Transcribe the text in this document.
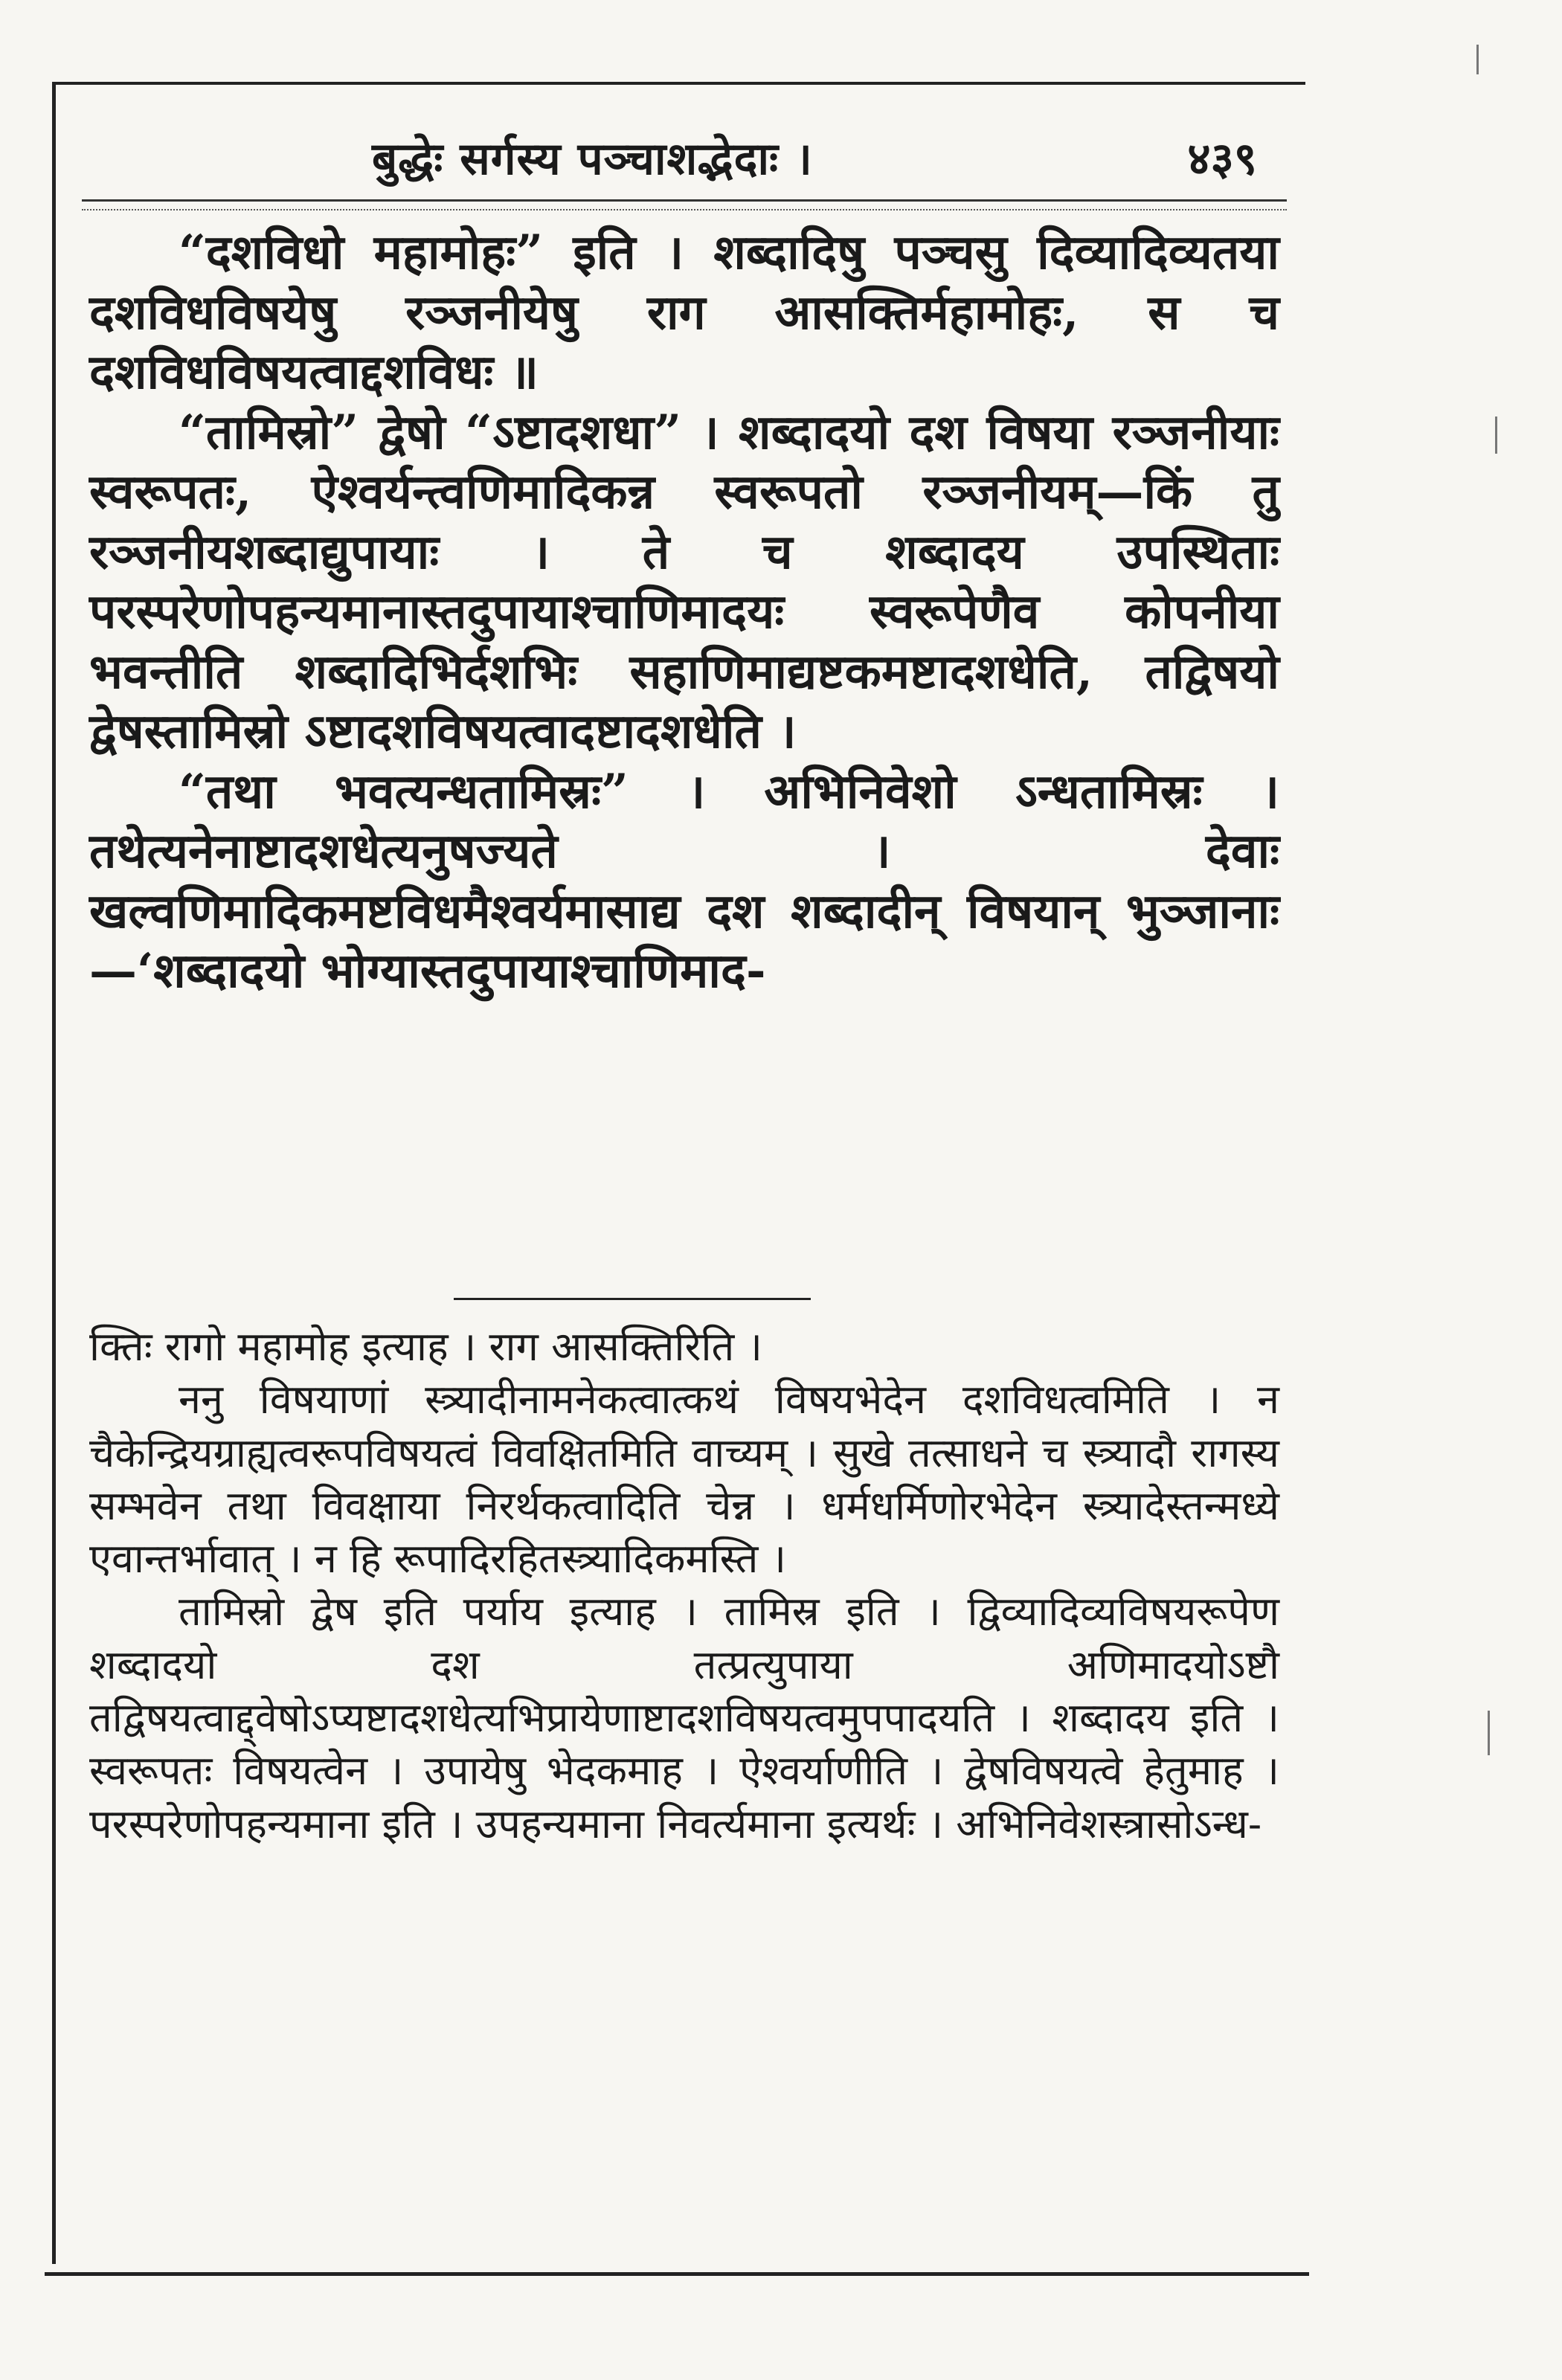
बुद्धेः सर्गस्य पञ्चाशद्भेदाः ।	४३९

“दशविधो महामोहः” इति । शब्दादिषु पञ्चसु दिव्यादिव्यतया दशविधविषयेषु रञ्जनीयेषु राग आसक्तिर्महामोहः, स च दशविधविषयत्वाद्दशविधः ॥

“तामिस्रो” द्वेषो “ऽष्टादशधा” । शब्दादयो दश विषया रञ्जनीयाः स्वरूपतः, ऐश्वर्यन्त्वणिमादिकन्न स्वरूपतो रञ्जनीयम्—किं तु रञ्जनीयशब्दाद्युपायाः । ते च शब्दादय उपस्थिताः परस्परेणोपहन्यमानास्तदुपायाश्चाणिमादयः स्वरूपेणैव कोपनीया भवन्तीति शब्दादिभिर्दशभिः सहाणिमाद्यष्टकमष्टादशधेति, तद्विषयो द्वेषस्तामिस्रो ऽष्टादशविषयत्वादष्टादशधेति ।

“तथा भवत्यन्धतामिस्रः” । अभिनिवेशो ऽन्धतामिस्रः । तथेत्यनेनाष्टादशधेत्यनुषज्यते । देवाः खल्वणिमादिकमष्टविधमैश्वर्यमासाद्य दश शब्दादीन् विषयान् भुञ्जानाः—‘शब्दादयो भोग्यास्तदुपायाश्चाणिमाद-

क्तिः रागो महामोह इत्याह । राग आसक्तिरिति ।

ननु विषयाणां स्त्र्यादीनामनेकत्वात्कथं विषयभेदेन दशविधत्वमिति । न चैकेन्द्रियग्राह्यत्वरूपविषयत्वं विवक्षितमिति वाच्यम् । सुखे तत्साधने च स्त्र्यादौ रागस्य सम्भवेन तथा विवक्षाया निरर्थकत्वादिति चेन्न । धर्मधर्मिणोरभेदेन स्त्र्यादेस्तन्मध्ये एवान्तर्भावात् । न हि रूपादिरहितस्त्र्यादिकमस्ति ।

तामिस्रो द्वेष इति पर्याय इत्याह । तामिस्र इति । द्विव्यादिव्यविषयरूपेण शब्दादयो दश तत्प्रत्युपाया अणिमादयोऽष्टौ तद्विषयत्वाद्द्वेषोऽप्यष्टादशधेत्यभिप्रायेणाष्टादशविषयत्वमुपपादयति । शब्दादय इति । स्वरूपतः विषयत्वेन । उपायेषु भेदकमाह । ऐश्वर्याणीति । द्वेषविषयत्वे हेतुमाह । परस्परेणोपहन्यमाना इति । उपहन्यमाना निवर्त्यमाना इत्यर्थः । अभिनिवेशस्त्रासोऽन्ध-
